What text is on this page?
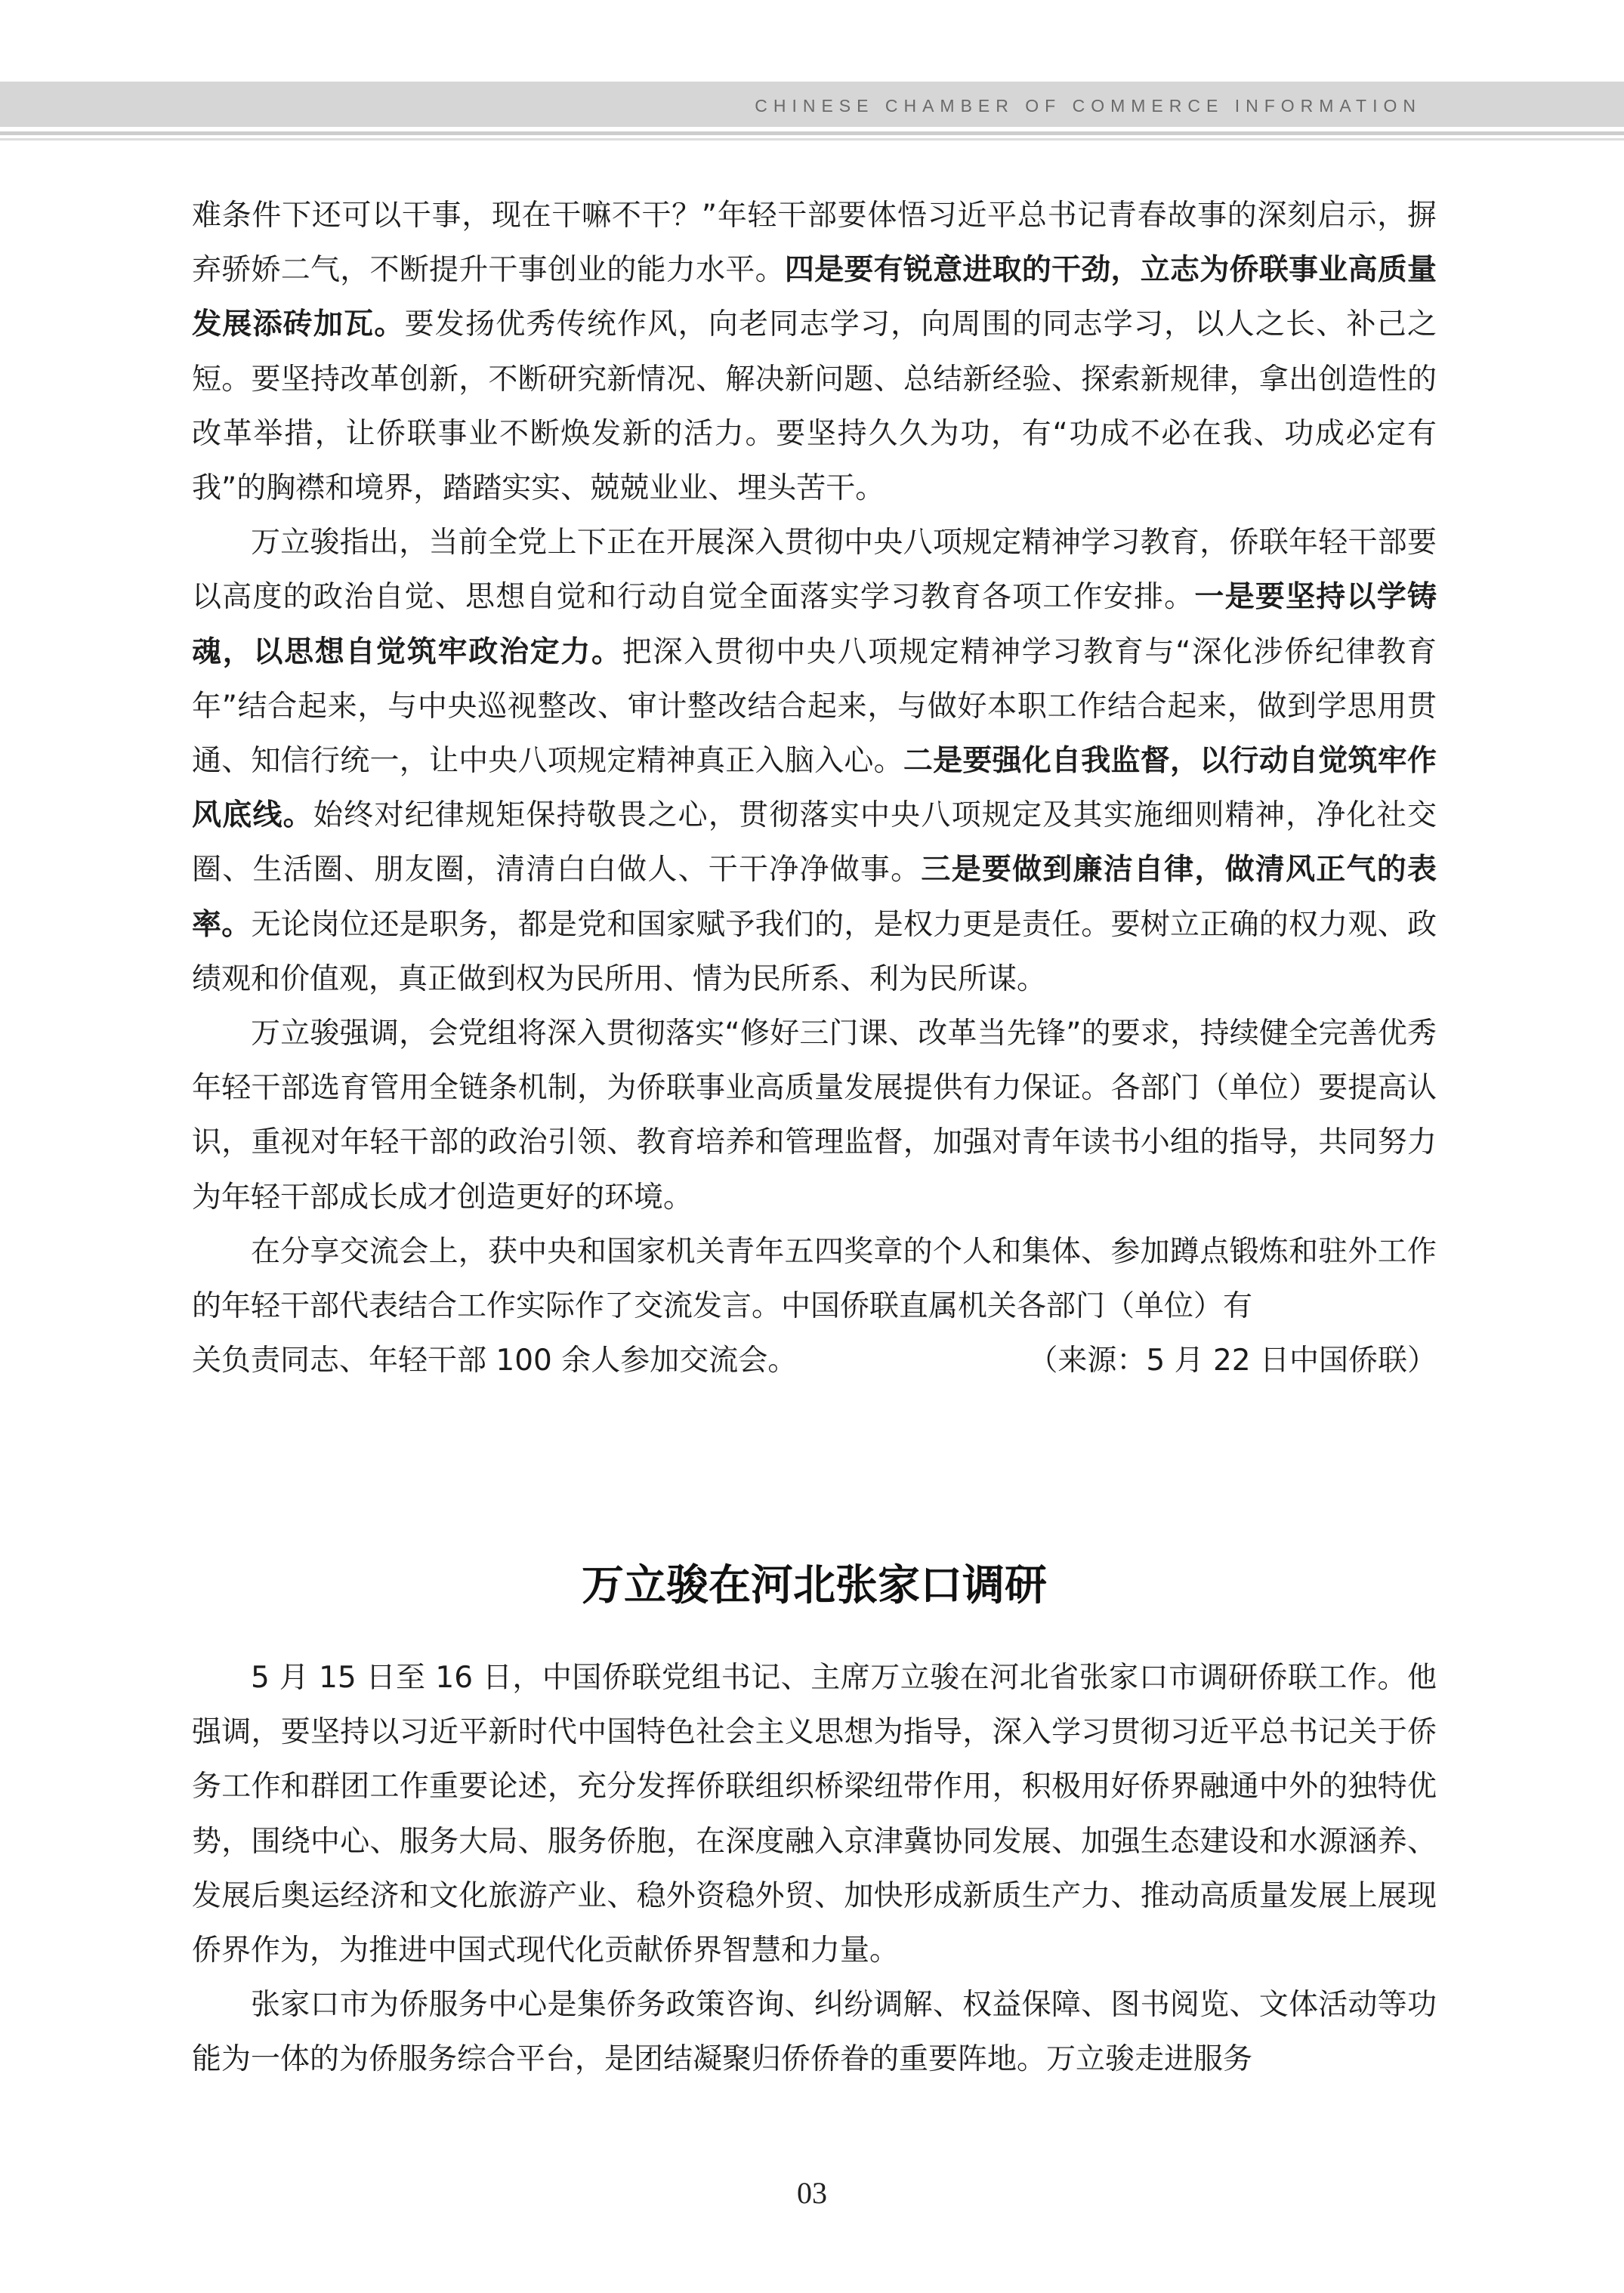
CHINESE CHAMBER OF COMMERCE INFORMATION

难条件下还可以干事，现在干嘛不干？”年轻干部要体悟习近平总书记青春故事的深刻启示，摒弃骄娇二气，不断提升干事创业的能力水平。四是要有锐意进取的干劲，立志为侨联事业高质量发展添砖加瓦。要发扬优秀传统作风，向老同志学习，向周围的同志学习，以人之长、补己之短。要坚持改革创新，不断研究新情况、解决新问题、总结新经验、探索新规律，拿出创造性的改革举措，让侨联事业不断焕发新的活力。要坚持久久为功，有“功成不必在我、功成必定有我”的胸襟和境界，踏踏实实、兢兢业业、埋头苦干。

万立骏指出，当前全党上下正在开展深入贯彻中央八项规定精神学习教育，侨联年轻干部要以高度的政治自觉、思想自觉和行动自觉全面落实学习教育各项工作安排。一是要坚持以学铸魂，以思想自觉筑牢政治定力。把深入贯彻中央八项规定精神学习教育与“深化涉侨纪律教育年”结合起来，与中央巡视整改、审计整改结合起来，与做好本职工作结合起来，做到学思用贯通、知信行统一，让中央八项规定精神真正入脑入心。二是要强化自我监督，以行动自觉筑牢作风底线。始终对纪律规矩保持敬畏之心，贯彻落实中央八项规定及其实施细则精神，净化社交圈、生活圈、朋友圈，清清白白做人、干干净净做事。三是要做到廉洁自律，做清风正气的表率。无论岗位还是职务，都是党和国家赋予我们的，是权力更是责任。要树立正确的权力观、政绩观和价值观，真正做到权为民所用、情为民所系、利为民所谋。

万立骏强调，会党组将深入贯彻落实“修好三门课、改革当先锋”的要求，持续健全完善优秀年轻干部选育管用全链条机制，为侨联事业高质量发展提供有力保证。各部门（单位）要提高认识，重视对年轻干部的政治引领、教育培养和管理监督，加强对青年读书小组的指导，共同努力为年轻干部成长成才创造更好的环境。

在分享交流会上，获中央和国家机关青年五四奖章的个人和集体、参加蹲点锻炼和驻外工作的年轻干部代表结合工作实际作了交流发言。中国侨联直属机关各部门（单位）有

关负责同志、年轻干部 100 余人参加交流会。	（来源：5 月 22 日中国侨联）

万立骏在河北张家口调研

5 月 15 日至 16 日，中国侨联党组书记、主席万立骏在河北省张家口市调研侨联工作。他强调，要坚持以习近平新时代中国特色社会主义思想为指导，深入学习贯彻习近平总书记关于侨务工作和群团工作重要论述，充分发挥侨联组织桥梁纽带作用，积极用好侨界融通中外的独特优势，围绕中心、服务大局、服务侨胞，在深度融入京津冀协同发展、加强生态建设和水源涵养、发展后奥运经济和文化旅游产业、稳外资稳外贸、加快形成新质生产力、推动高质量发展上展现侨界作为，为推进中国式现代化贡献侨界智慧和力量。

张家口市为侨服务中心是集侨务政策咨询、纠纷调解、权益保障、图书阅览、文体活动等功能为一体的为侨服务综合平台，是团结凝聚归侨侨眷的重要阵地。万立骏走进服务

03
